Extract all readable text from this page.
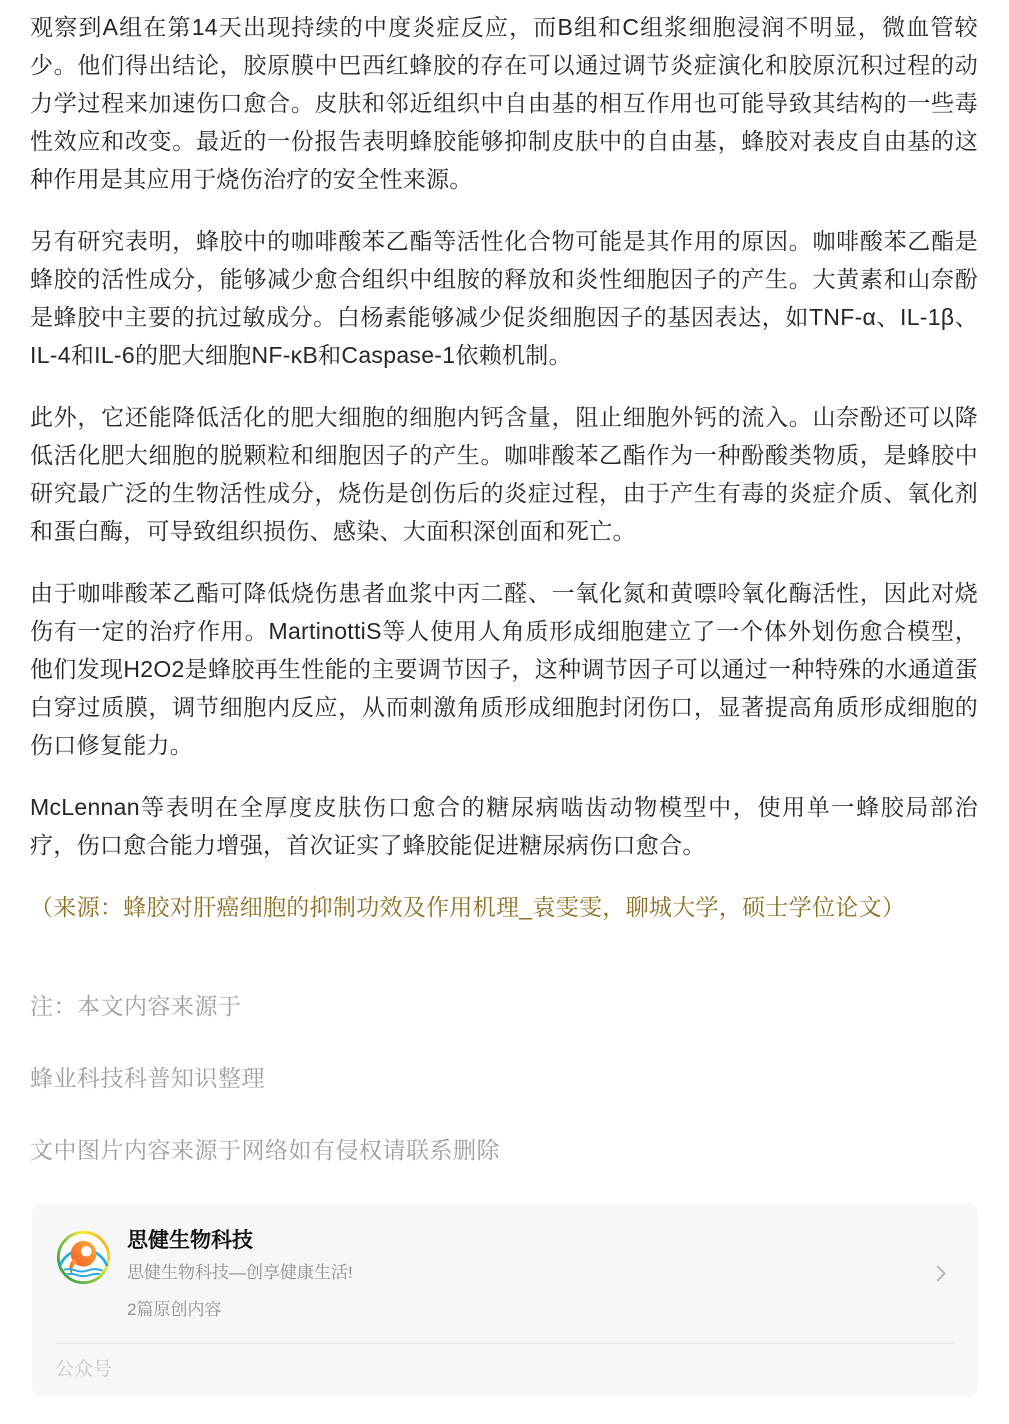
观察到A组在第14天出现持续的中度炎症反应，而B组和C组浆细胞浸润不明显，微血管较少。他们得出结论，胶原膜中巴西红蜂胶的存在可以通过调节炎症演化和胶原沉积过程的动力学过程来加速伤口愈合。皮肤和邻近组织中自由基的相互作用也可能导致其结构的一些毒性效应和改变。最近的一份报告表明蜂胶能够抑制皮肤中的自由基，蜂胶对表皮自由基的这种作用是其应用于烧伤治疗的安全性来源。

另有研究表明，蜂胶中的咖啡酸苯乙酯等活性化合物可能是其作用的原因。咖啡酸苯乙酯是蜂胶的活性成分，能够减少愈合组织中组胺的释放和炎性细胞因子的产生。大黄素和山奈酚是蜂胶中主要的抗过敏成分。白杨素能够减少促炎细胞因子的基因表达，如TNF-α、IL-1β、IL-4和IL-6的肥大细胞NF-κB和Caspase-1依赖机制。

此外，它还能降低活化的肥大细胞的细胞内钙含量，阻止细胞外钙的流入。山奈酚还可以降低活化肥大细胞的脱颗粒和细胞因子的产生。咖啡酸苯乙酯作为一种酚酸类物质，是蜂胶中研究最广泛的生物活性成分，烧伤是创伤后的炎症过程，由于产生有毒的炎症介质、氧化剂和蛋白酶，可导致组织损伤、感染、大面积深创面和死亡。

由于咖啡酸苯乙酯可降低烧伤患者血浆中丙二醛、一氧化氮和黄嘌呤氧化酶活性，因此对烧伤有一定的治疗作用。MartinottiS等人使用人角质形成细胞建立了一个体外划伤愈合模型，他们发现H2O2是蜂胶再生性能的主要调节因子，这种调节因子可以通过一种特殊的水通道蛋白穿过质膜，调节细胞内反应，从而刺激角质形成细胞封闭伤口，显著提高角质形成细胞的伤口修复能力。

McLennan等表明在全厚度皮肤伤口愈合的糖尿病啮齿动物模型中，使用单一蜂胶局部治疗，伤口愈合能力增强，首次证实了蜂胶能促进糖尿病伤口愈合。

（来源：蜂胶对肝癌细胞的抑制功效及作用机理_袁雯雯，聊城大学，硕士学位论文）

注：本文内容来源于

蜂业科技科普知识整理

文中图片内容来源于网络如有侵权请联系删除

思健生物科技
思健生物科技—创享健康生活!
2篇原创内容
公众号
